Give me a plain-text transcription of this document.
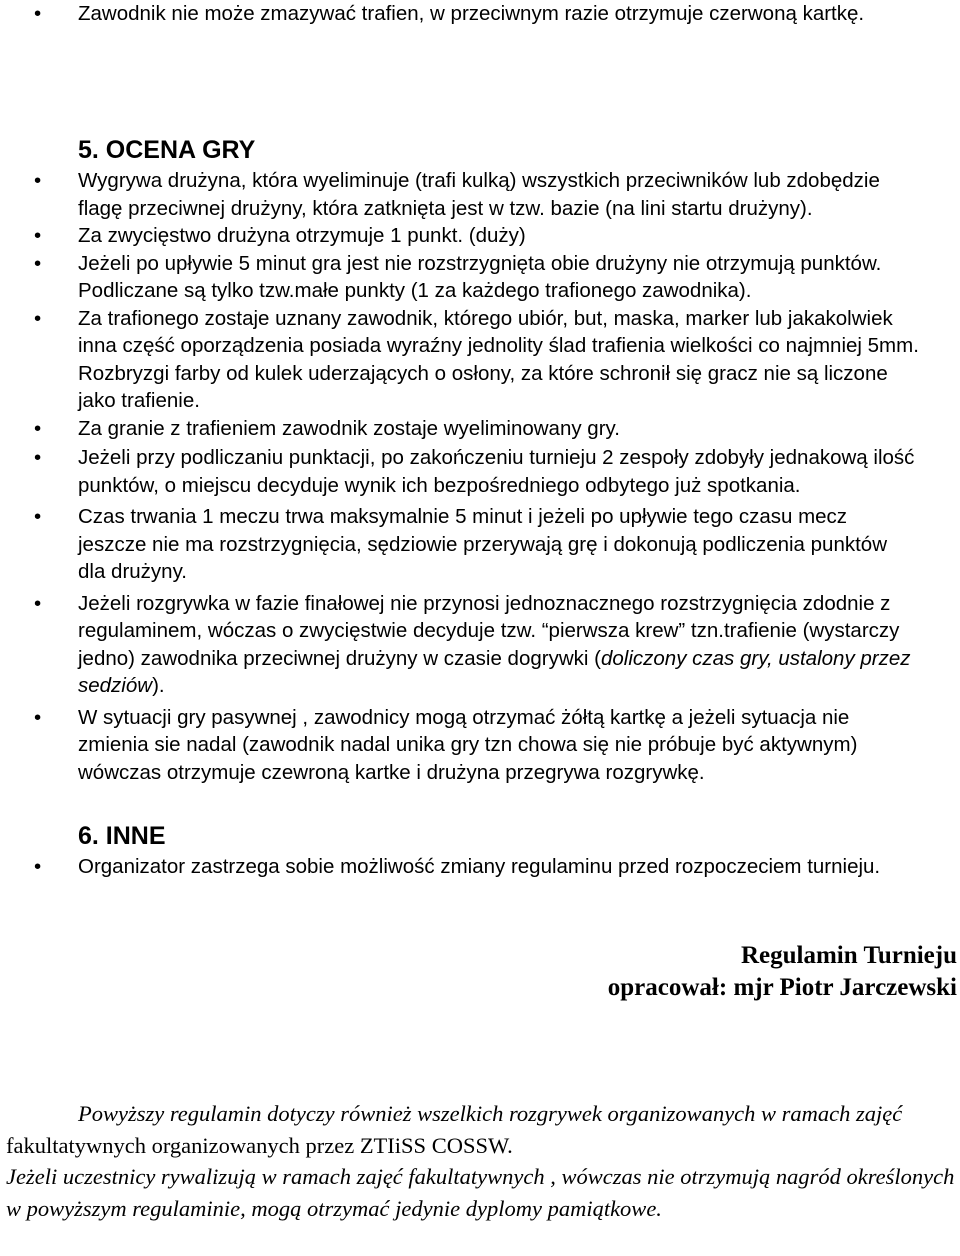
• Zawodnik nie może zmazywać trafien, w przeciwnym razie otrzymuje czerwoną kartkę.
5. OCENA GRY
• Wygrywa drużyna, która wyeliminuje (trafi kulką) wszystkich przeciwników lub zdobędzie flagę przeciwnej drużyny, która zatknięta jest w tzw. bazie (na lini startu drużyny).
• Za zwycięstwo drużyna otrzymuje 1 punkt. (duży)
• Jeżeli po upływie 5 minut gra jest nie rozstrzygnięta obie drużyny nie otrzymują punktów. Podliczane są tylko tzw.małe punkty (1 za każdego trafionego zawodnika).
• Za trafionego zostaje uznany zawodnik, którego ubiór, but, maska, marker lub jakakolwiek inna część oporządzenia posiada wyraźny jednolity ślad trafienia wielkości co najmniej 5mm. Rozbryzgi farby od kulek uderzających o osłony, za które schronił się gracz nie są liczone jako trafienie.
• Za granie z trafieniem zawodnik zostaje wyeliminowany gry.
• Jeżeli przy podliczaniu punktacji, po zakończeniu turnieju 2 zespoły zdobyły jednakową ilość punktów, o miejscu decyduje wynik ich bezpośredniego odbytego już spotkania.
• Czas trwania 1 meczu trwa maksymalnie 5 minut i jeżeli po upływie tego czasu mecz jeszcze nie ma rozstrzygnięcia, sędziowie przerywają grę i dokonują podliczenia punktów dla drużyny.
• Jeżeli rozgrywka w fazie finałowej nie przynosi jednoznacznego rozstrzygnięcia zdodnie z regulaminem, wóczas o zwycięstwie decyduje tzw. “pierwsza krew” tzn.trafienie (wystarczy jedno) zawodnika przeciwnej drużyny w czasie dogrywki (doliczony czas gry, ustalony przez sedziów).
• W sytuacji gry pasywnej , zawodnicy mogą otrzymać żółtą kartkę a jeżeli sytuacja nie zmienia sie nadal (zawodnik nadal unika gry tzn chowa się nie próbuje być aktywnym) wówczas otrzymuje czewroną kartke i drużyna przegrywa rozgrywkę.
6. INNE
• Organizator zastrzega sobie możliwość zmiany regulaminu przed rozpoczeciem turnieju.
Regulamin Turnieju
opracował: mjr Piotr Jarczewski
Powyższy regulamin dotyczy również wszelkich rozgrywek organizowanych w ramach zajęć fakultatywnych organizowanych przez ZTIiSS COSSW.
Jeżeli uczestnicy rywalizują w ramach zajęć fakultatywnych , wówczas nie otrzymują nagród określonych w powyższym regulaminie, mogą otrzymać jedynie dyplomy pamiątkowe.
